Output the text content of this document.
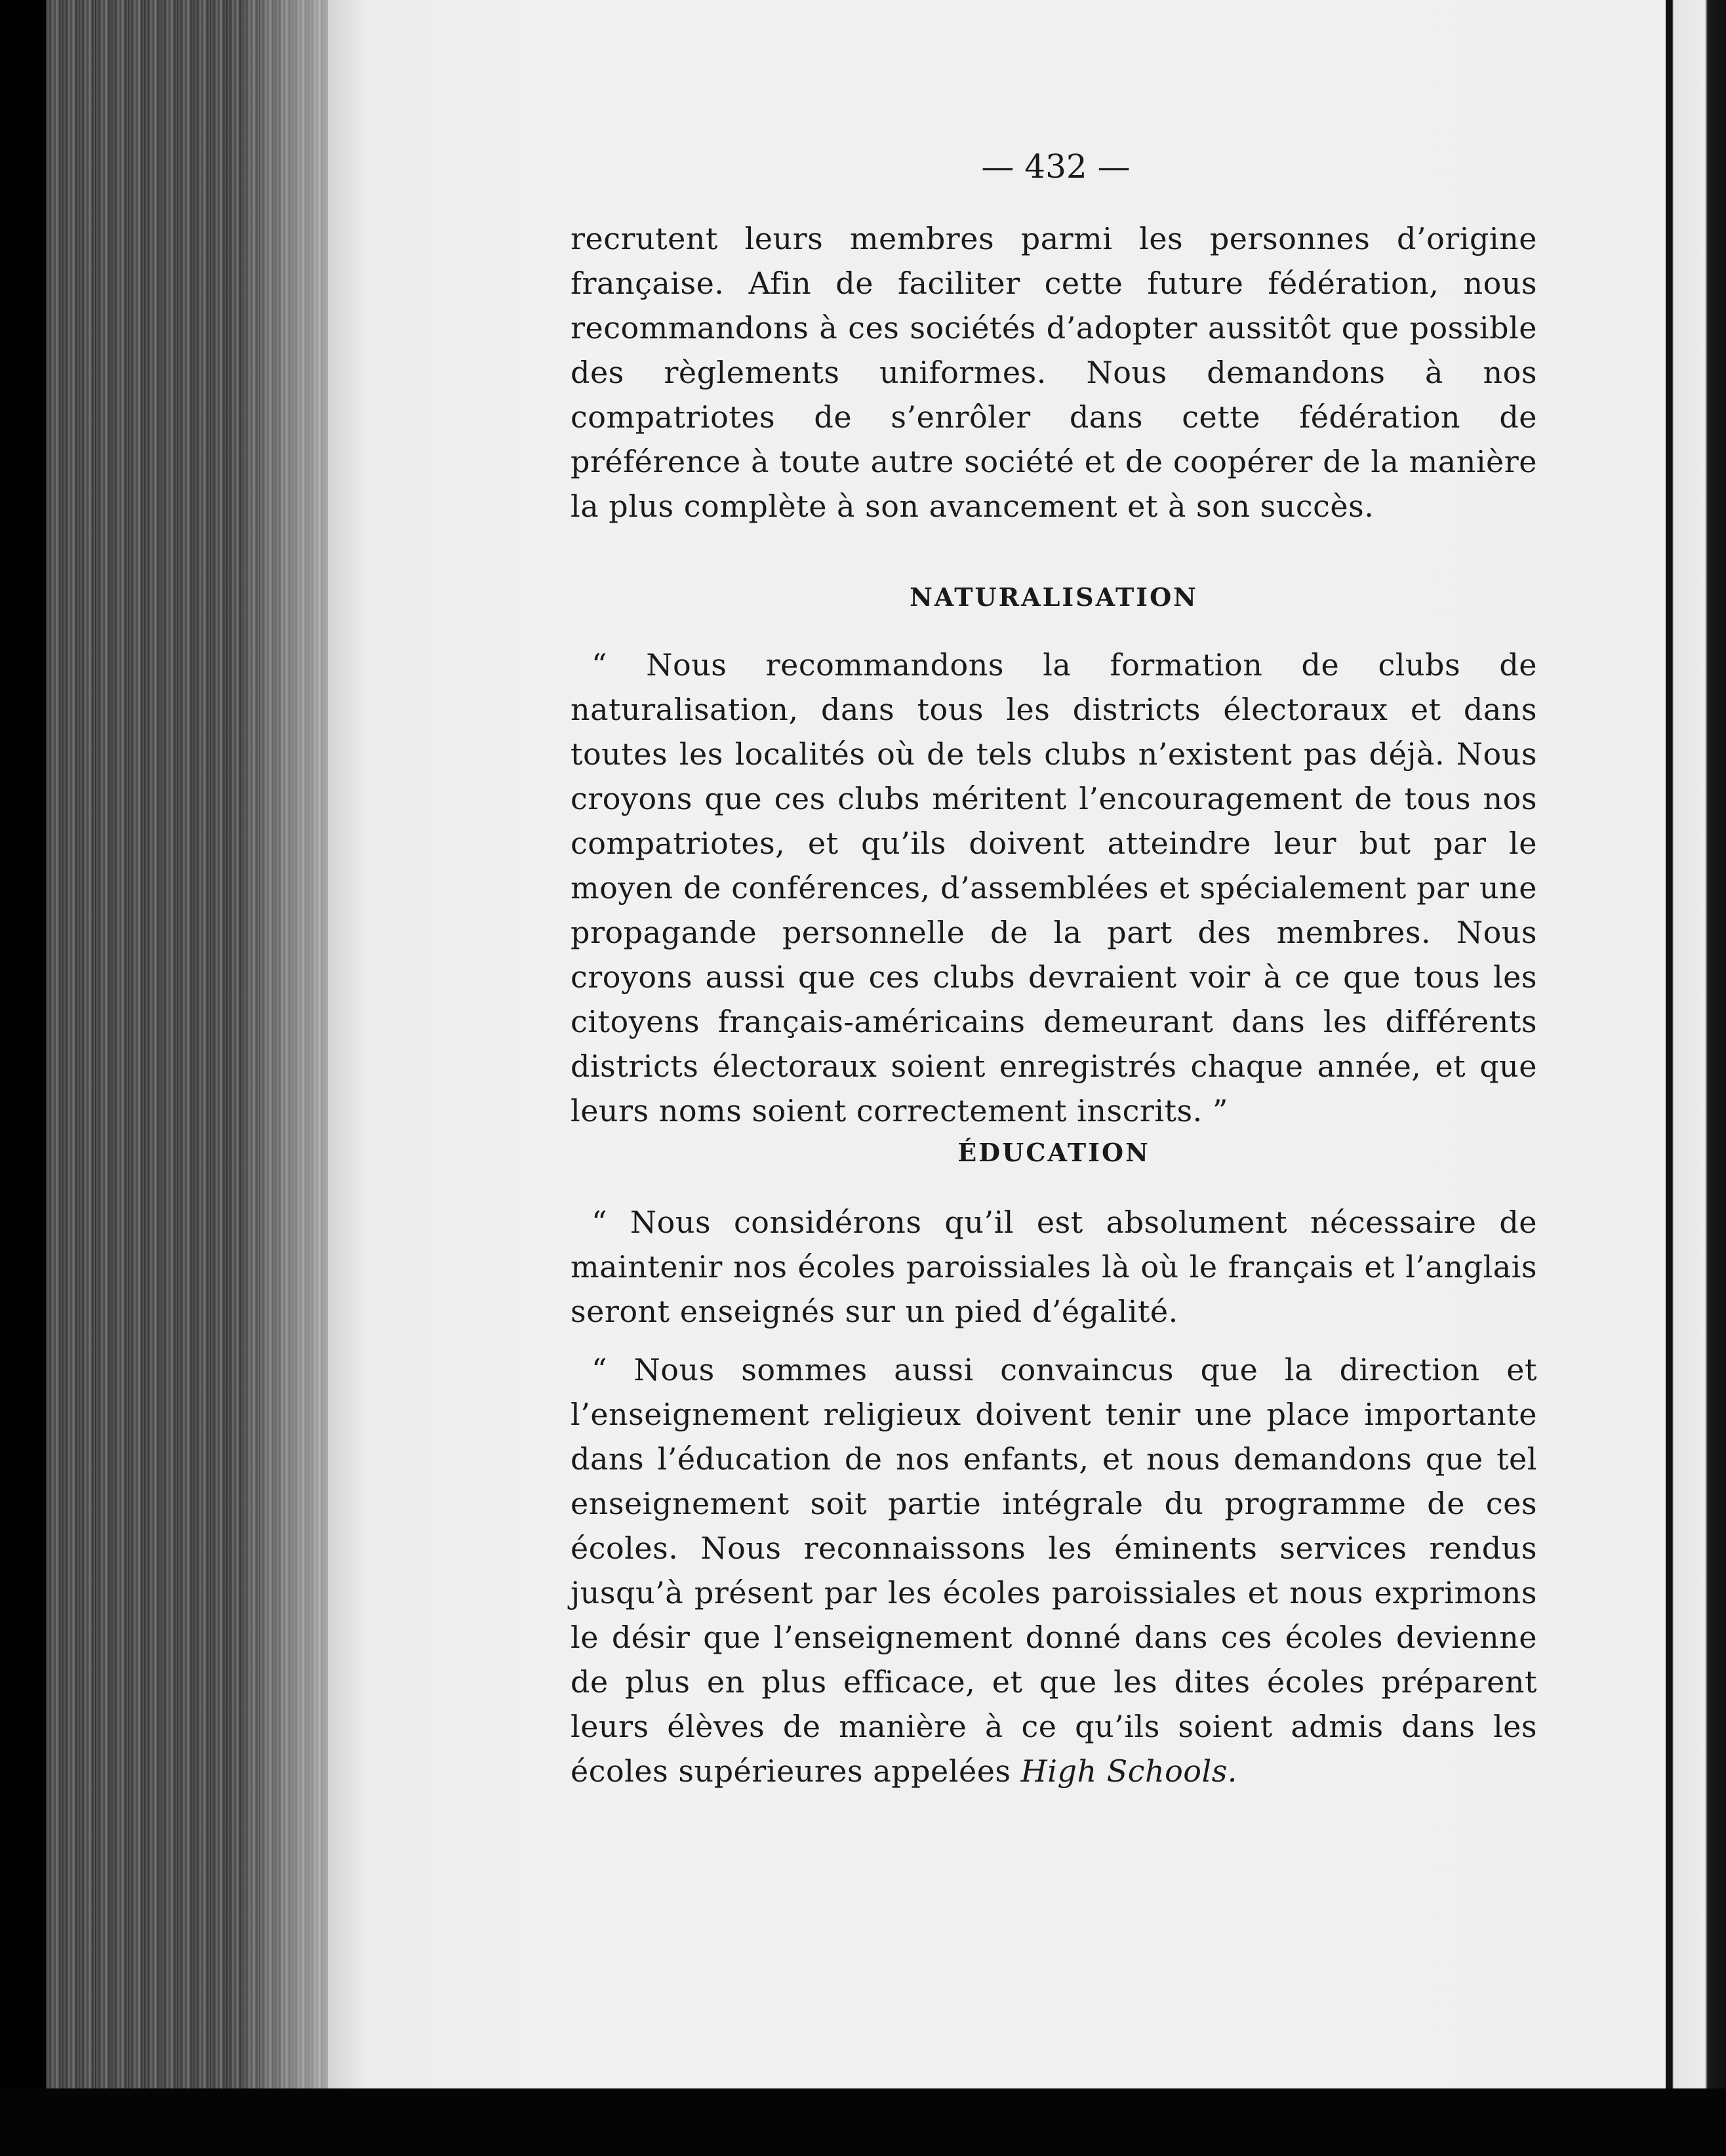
— 432 —
recrutent leurs membres parmi les personnes d’origine française. Afin de faciliter cette future fédération, nous recommandons à ces sociétés d’adopter aussitôt que possible des règlements uniformes. Nous demandons à nos compatriotes de s’enrôler dans cette fédération de préférence à toute autre société et de coopérer de la manière la plus complète à son avancement et à son succès.
NATURALISATION
“ Nous recommandons la formation de clubs de naturalisation, dans tous les districts électoraux et dans toutes les localités où de tels clubs n’existent pas déjà. Nous croyons que ces clubs méritent l’encouragement de tous nos compatriotes, et qu’ils doivent atteindre leur but par le moyen de conférences, d’assemblées et spécialement par une propagande personnelle de la part des membres. Nous croyons aussi que ces clubs devraient voir à ce que tous les citoyens français-américains demeurant dans les différents districts électoraux soient enregistrés chaque année, et que leurs noms soient correctement inscrits. ”
ÉDUCATION
“ Nous considérons qu’il est absolument nécessaire de maintenir nos écoles paroissiales là où le français et l’anglais seront enseignés sur un pied d’égalité.
“ Nous sommes aussi convaincus que la direction et l’enseignement religieux doivent tenir une place importante dans l’éducation de nos enfants, et nous demandons que tel enseignement soit partie intégrale du programme de ces écoles. Nous reconnaissons les éminents services rendus jusqu’à présent par les écoles paroissiales et nous exprimons le désir que l’enseignement donné dans ces écoles devienne de plus en plus efficace, et que les dites écoles préparent leurs élèves de manière à ce qu’ils soient admis dans les écoles supérieures appelées High Schools.
